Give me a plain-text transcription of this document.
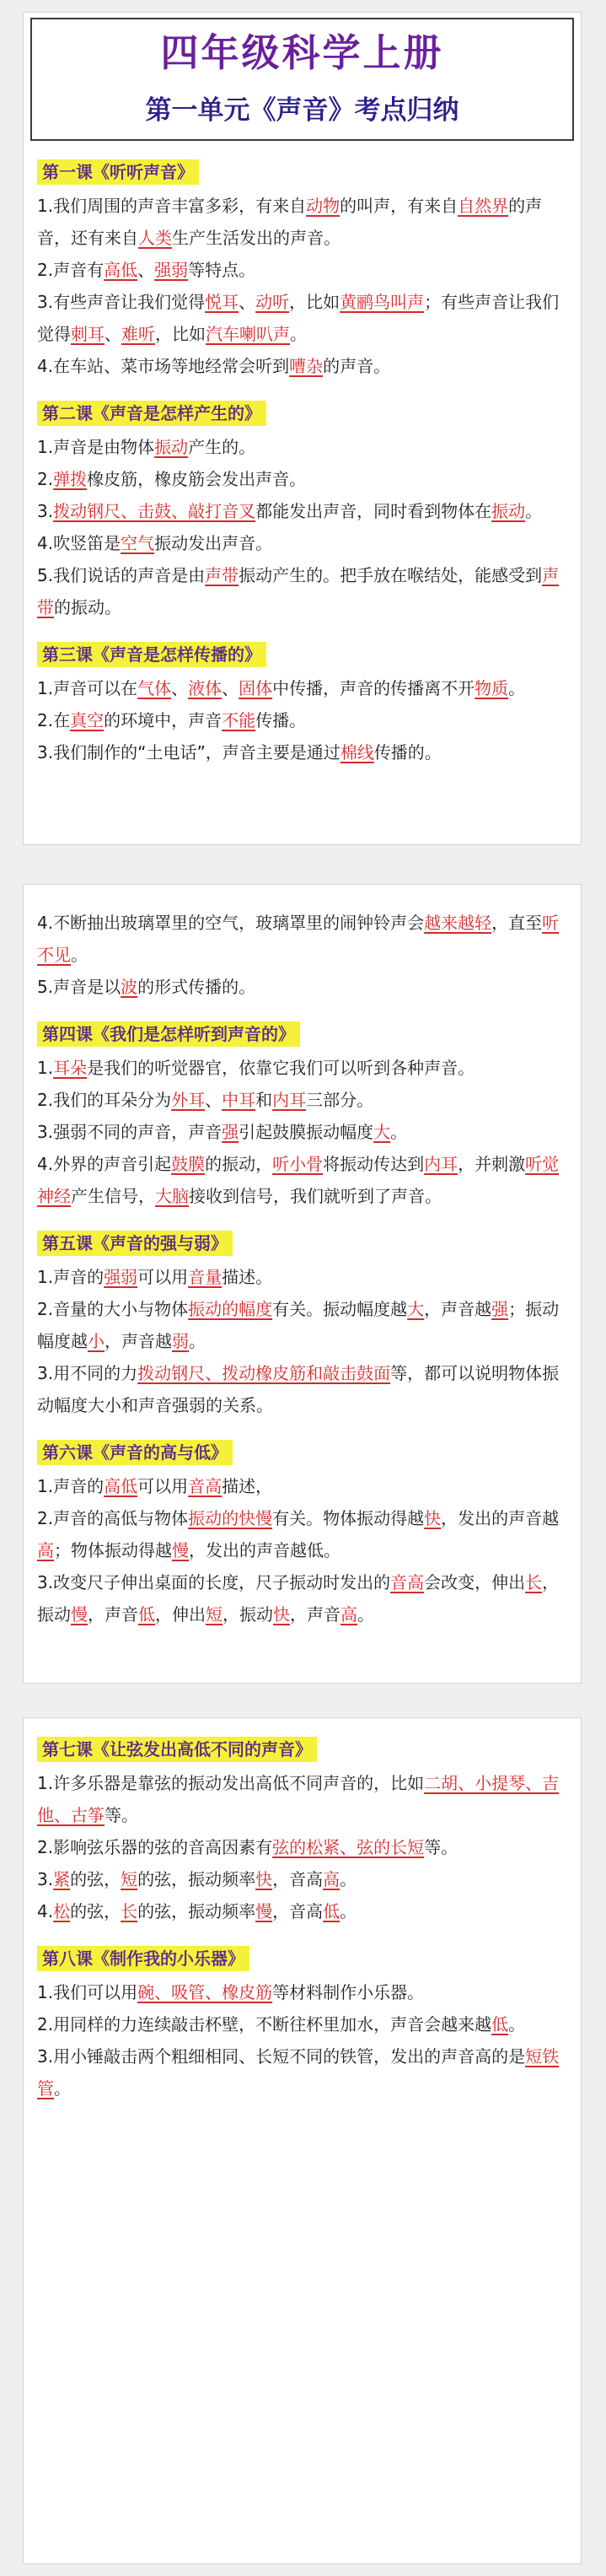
四年级科学上册
第一单元《声音》考点归纳
第一课《听听声音》

1.我们周围的声音丰富多彩，有来自动物的叫声，有来自自然界的声音，还有来自人类生产生活发出的声音。

2.声音有高低、强弱等特点。

3.有些声音让我们觉得悦耳、动听，比如黄鹂鸟叫声；有些声音让我们觉得刺耳、难听，比如汽车喇叭声。

4.在车站、菜市场等地经常会听到嘈杂的声音。

第二课《声音是怎样产生的》

1.声音是由物体振动产生的。

2.弹拨橡皮筋，橡皮筋会发出声音。

3.拨动钢尺、击鼓、敲打音叉都能发出声音，同时看到物体在振动。

4.吹竖笛是空气振动发出声音。

5.我们说话的声音是由声带振动产生的。把手放在喉结处，能感受到声带的振动。

第三课《声音是怎样传播的》

1.声音可以在气体、液体、固体中传播，声音的传播离不开物质。

2.在真空的环境中，声音不能传播。

3.我们制作的“土电话”，声音主要是通过棉线传播的。

4.不断抽出玻璃罩里的空气，玻璃罩里的闹钟铃声会越来越轻，直至听不见。

5.声音是以波的形式传播的。

第四课《我们是怎样听到声音的》

1.耳朵是我们的听觉器官，依靠它我们可以听到各种声音。

2.我们的耳朵分为外耳、中耳和内耳三部分。

3.强弱不同的声音，声音强引起鼓膜振动幅度大。

4.外界的声音引起鼓膜的振动，听小骨将振动传达到内耳，并刺激听觉神经产生信号，大脑接收到信号，我们就听到了声音。

第五课《声音的强与弱》

1.声音的强弱可以用音量描述。

2.音量的大小与物体振动的幅度有关。振动幅度越大，声音越强；振动幅度越小，声音越弱。

3.用不同的力拨动钢尺、拨动橡皮筋和敲击鼓面等，都可以说明物体振动幅度大小和声音强弱的关系。

第六课《声音的高与低》

1.声音的高低可以用音高描述，

2.声音的高低与物体振动的快慢有关。物体振动得越快，发出的声音越高；物体振动得越慢，发出的声音越低。

3.改变尺子伸出桌面的长度，尺子振动时发出的音高会改变，伸出长，振动慢，声音低，伸出短，振动快，声音高。

第七课《让弦发出高低不同的声音》

1.许多乐器是靠弦的振动发出高低不同声音的，比如二胡、小提琴、吉他、古筝等。

2.影响弦乐器的弦的音高因素有弦的松紧、弦的长短等。

3.紧的弦，短的弦，振动频率快，音高高。

4.松的弦，长的弦，振动频率慢，音高低。

第八课《制作我的小乐器》

1.我们可以用碗、吸管、橡皮筋等材料制作小乐器。

2.用同样的力连续敲击杯壁，不断往杯里加水，声音会越来越低。

3.用小锤敲击两个粗细相同、长短不同的铁管，发出的声音高的是短铁管。
